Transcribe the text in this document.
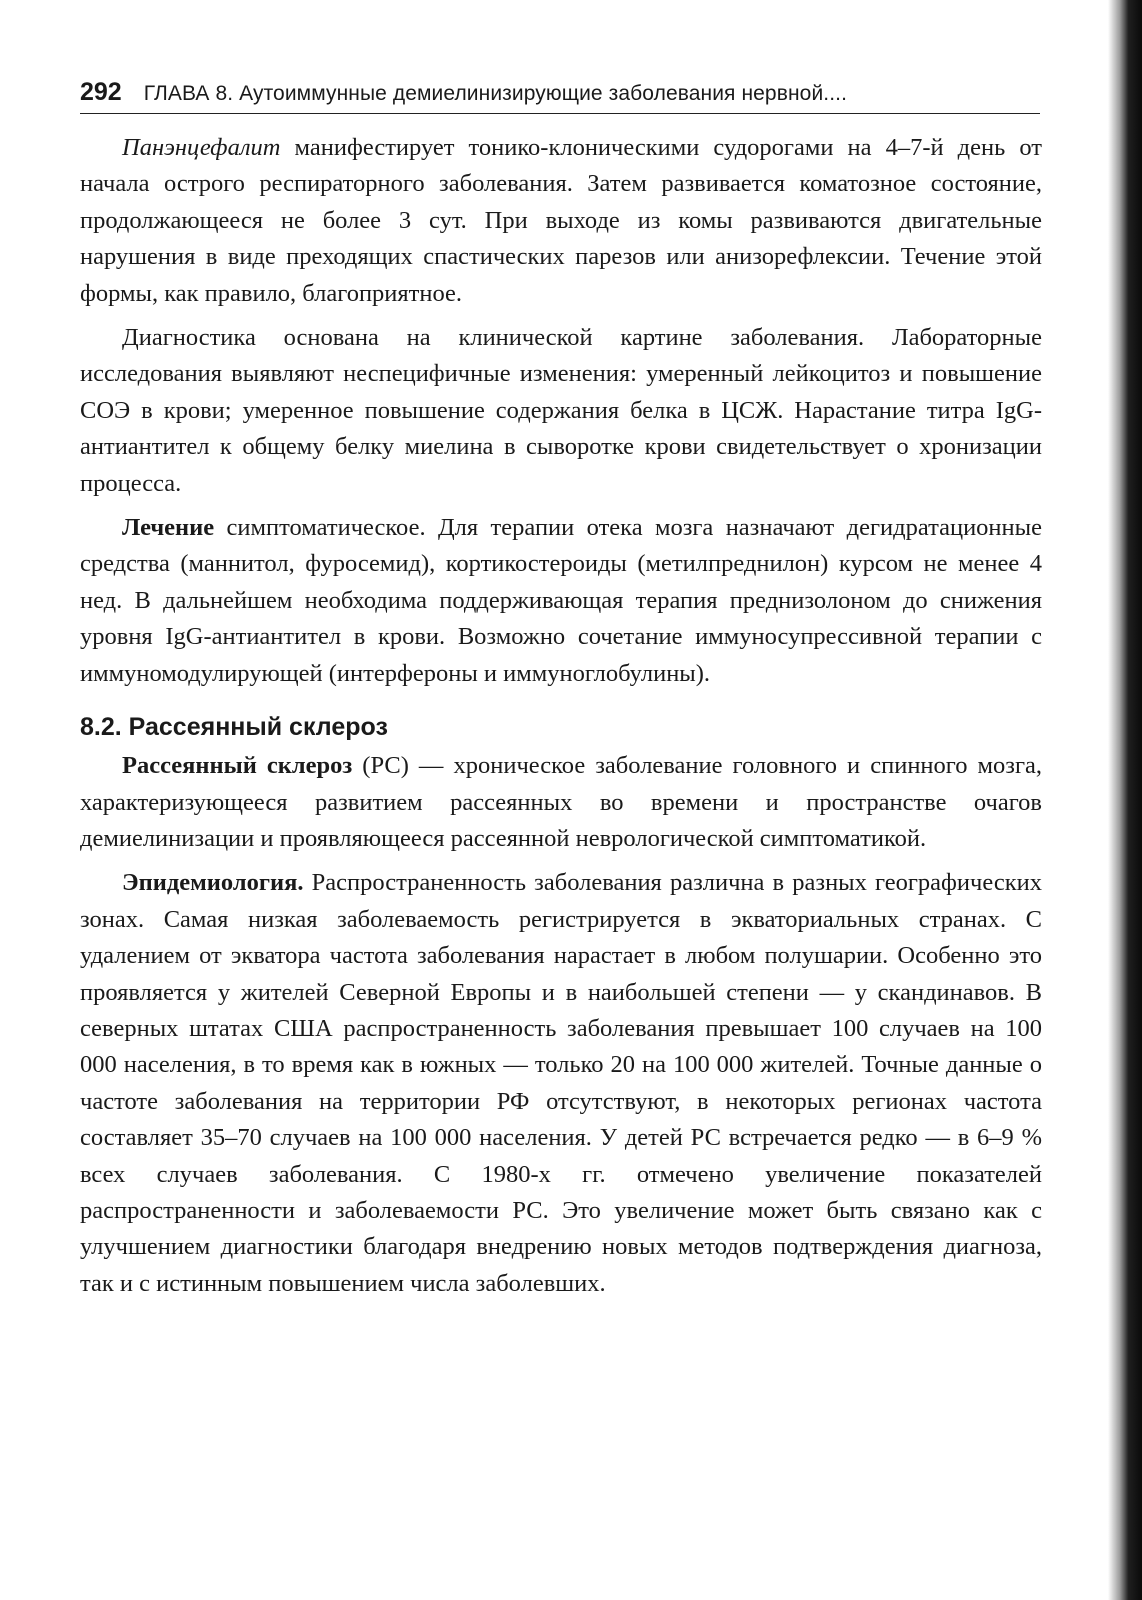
292 ГЛАВА 8. Аутоиммунные демиелинизирующие заболевания нервной....

Панэнцефалит манифестирует тонико-клоническими судорогами на 4–7-й день от начала острого респираторного заболевания. Затем развивается коматозное состояние, продолжающееся не более 3 сут. При выходе из комы развиваются двигательные нарушения в виде преходящих спастических парезов или анизорефлексии. Течение этой формы, как правило, благоприятное.

Диагностика основана на клинической картине заболевания. Лабораторные исследования выявляют неспецифичные изменения: умеренный лейкоцитоз и повышение СОЭ в крови; умеренное повышение содержания белка в ЦСЖ. Нарастание титра IgG-антиантител к общему белку миелина в сыворотке крови свидетельствует о хронизации процесса.

Лечение симптоматическое. Для терапии отека мозга назначают дегидратационные средства (маннитол, фуросемид), кортикостероиды (метилпреднилон) курсом не менее 4 нед. В дальнейшем необходима поддерживающая терапия преднизолоном до снижения уровня IgG-антиантител в крови. Возможно сочетание иммуносупрессивной терапии с иммуномодулирующей (интерфероны и иммуноглобулины).

8.2. Рассеянный склероз

Рассеянный склероз (РС) — хроническое заболевание головного и спинного мозга, характеризующееся развитием рассеянных во времени и пространстве очагов демиелинизации и проявляющееся рассеянной неврологической симптоматикой.

Эпидемиология. Распространенность заболевания различна в разных географических зонах. Самая низкая заболеваемость регистрируется в экваториальных странах. С удалением от экватора частота заболевания нарастает в любом полушарии. Особенно это проявляется у жителей Северной Европы и в наибольшей степени — у скандинавов. В северных штатах США распространенность заболевания превышает 100 случаев на 100 000 населения, в то время как в южных — только 20 на 100 000 жителей. Точные данные о частоте заболевания на территории РФ отсутствуют, в некоторых регионах частота составляет 35–70 случаев на 100 000 населения. У детей РС встречается редко — в 6–9 % всех случаев заболевания. С 1980-х гг. отмечено увеличение показателей распространенности и заболеваемости РС. Это увеличение может быть связано как с улучшением диагностики благодаря внедрению новых методов подтверждения диагноза, так и с истинным повышением числа заболевших.
